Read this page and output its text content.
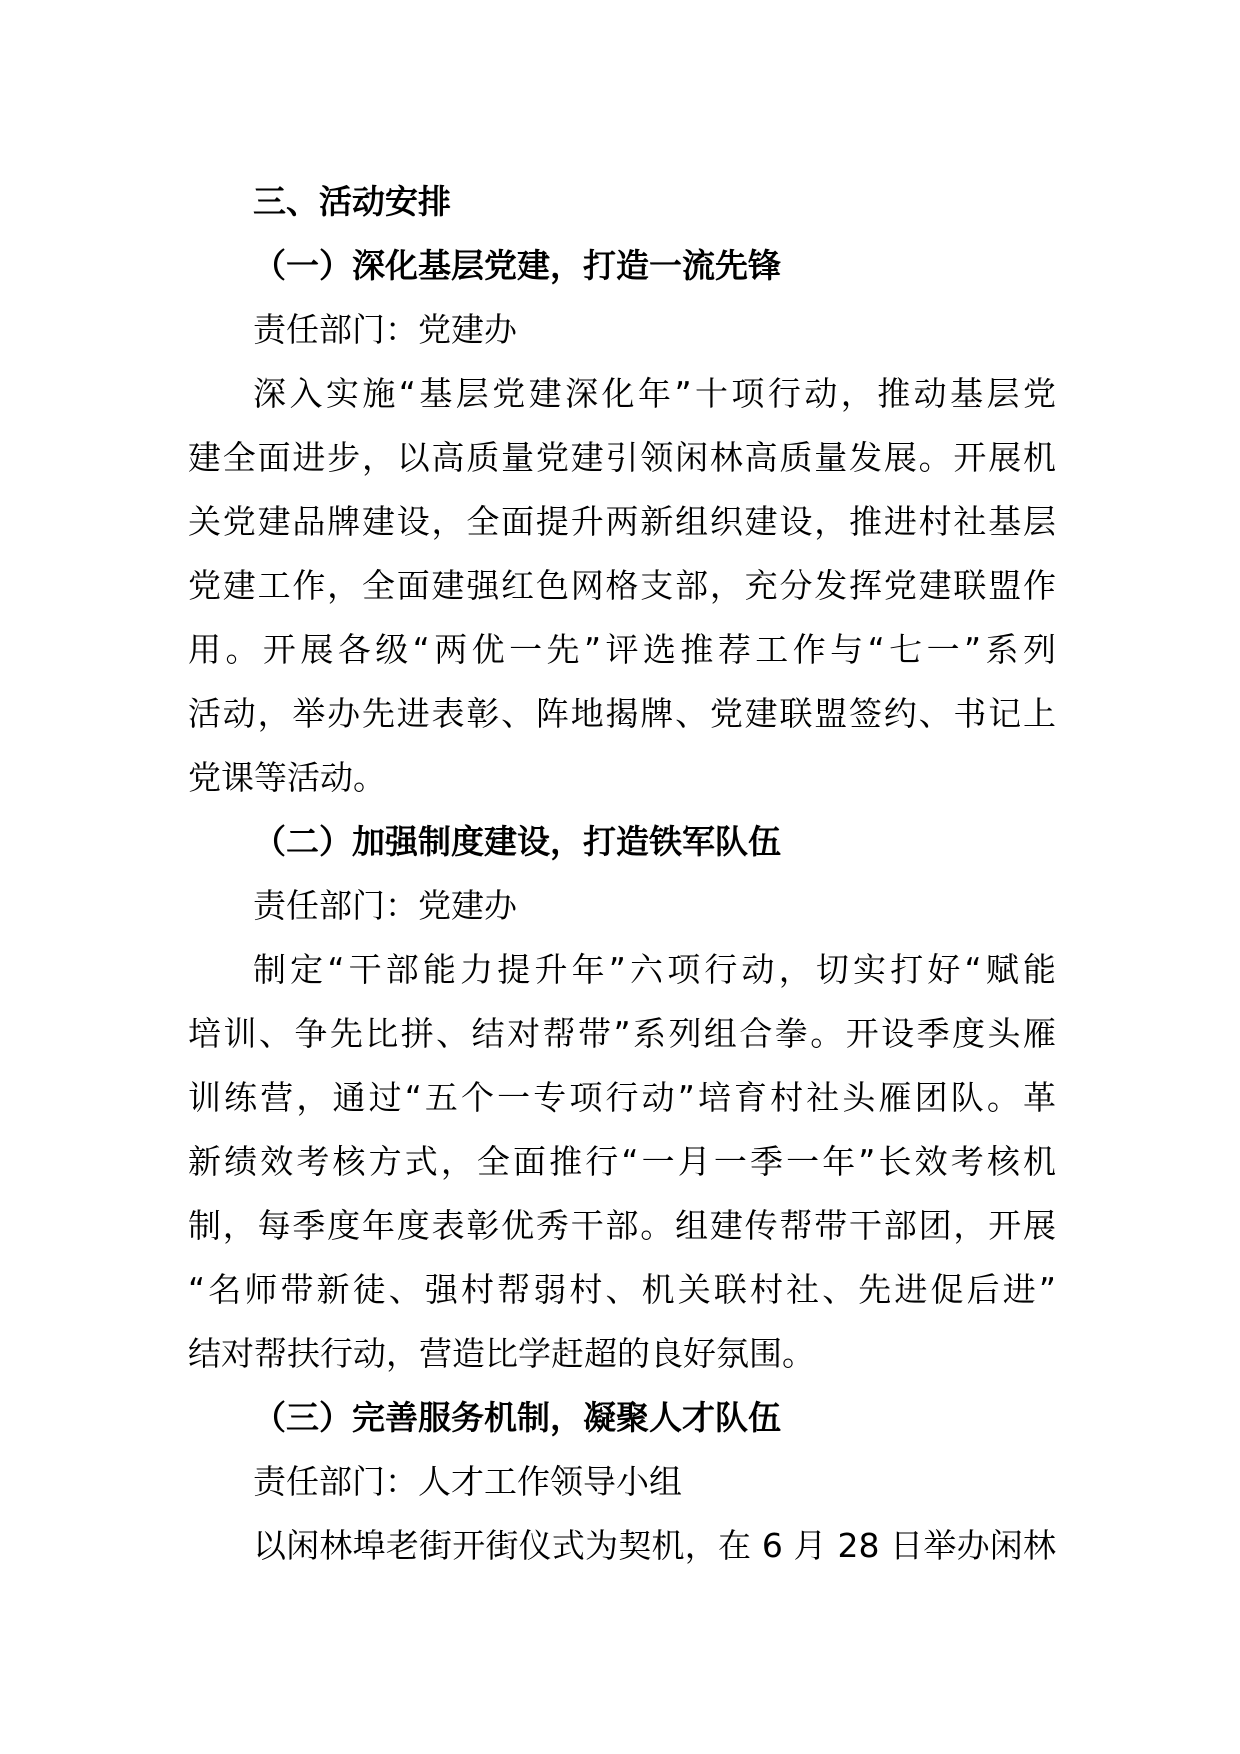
三、活动安排
（一）深化基层党建，打造一流先锋
责任部门：党建办
深入实施“基层党建深化年”十项行动，推动基层党
建全面进步，以高质量党建引领闲林高质量发展。开展机
关党建品牌建设，全面提升两新组织建设，推进村社基层
党建工作，全面建强红色网格支部，充分发挥党建联盟作
用。开展各级“两优一先”评选推荐工作与“七一”系列
活动，举办先进表彰、阵地揭牌、党建联盟签约、书记上
党课等活动。
（二）加强制度建设，打造铁军队伍
责任部门：党建办
制定“干部能力提升年”六项行动，切实打好“赋能
培训、争先比拼、结对帮带”系列组合拳。开设季度头雁
训练营，通过“五个一专项行动”培育村社头雁团队。革
新绩效考核方式，全面推行“一月一季一年”长效考核机
制，每季度年度表彰优秀干部。组建传帮带干部团，开展
“名师带新徒、强村帮弱村、机关联村社、先进促后进”
结对帮扶行动，营造比学赶超的良好氛围。
（三）完善服务机制，凝聚人才队伍
责任部门：人才工作领导小组
以闲林埠老街开街仪式为契机，在 6 月 28 日举办闲林
